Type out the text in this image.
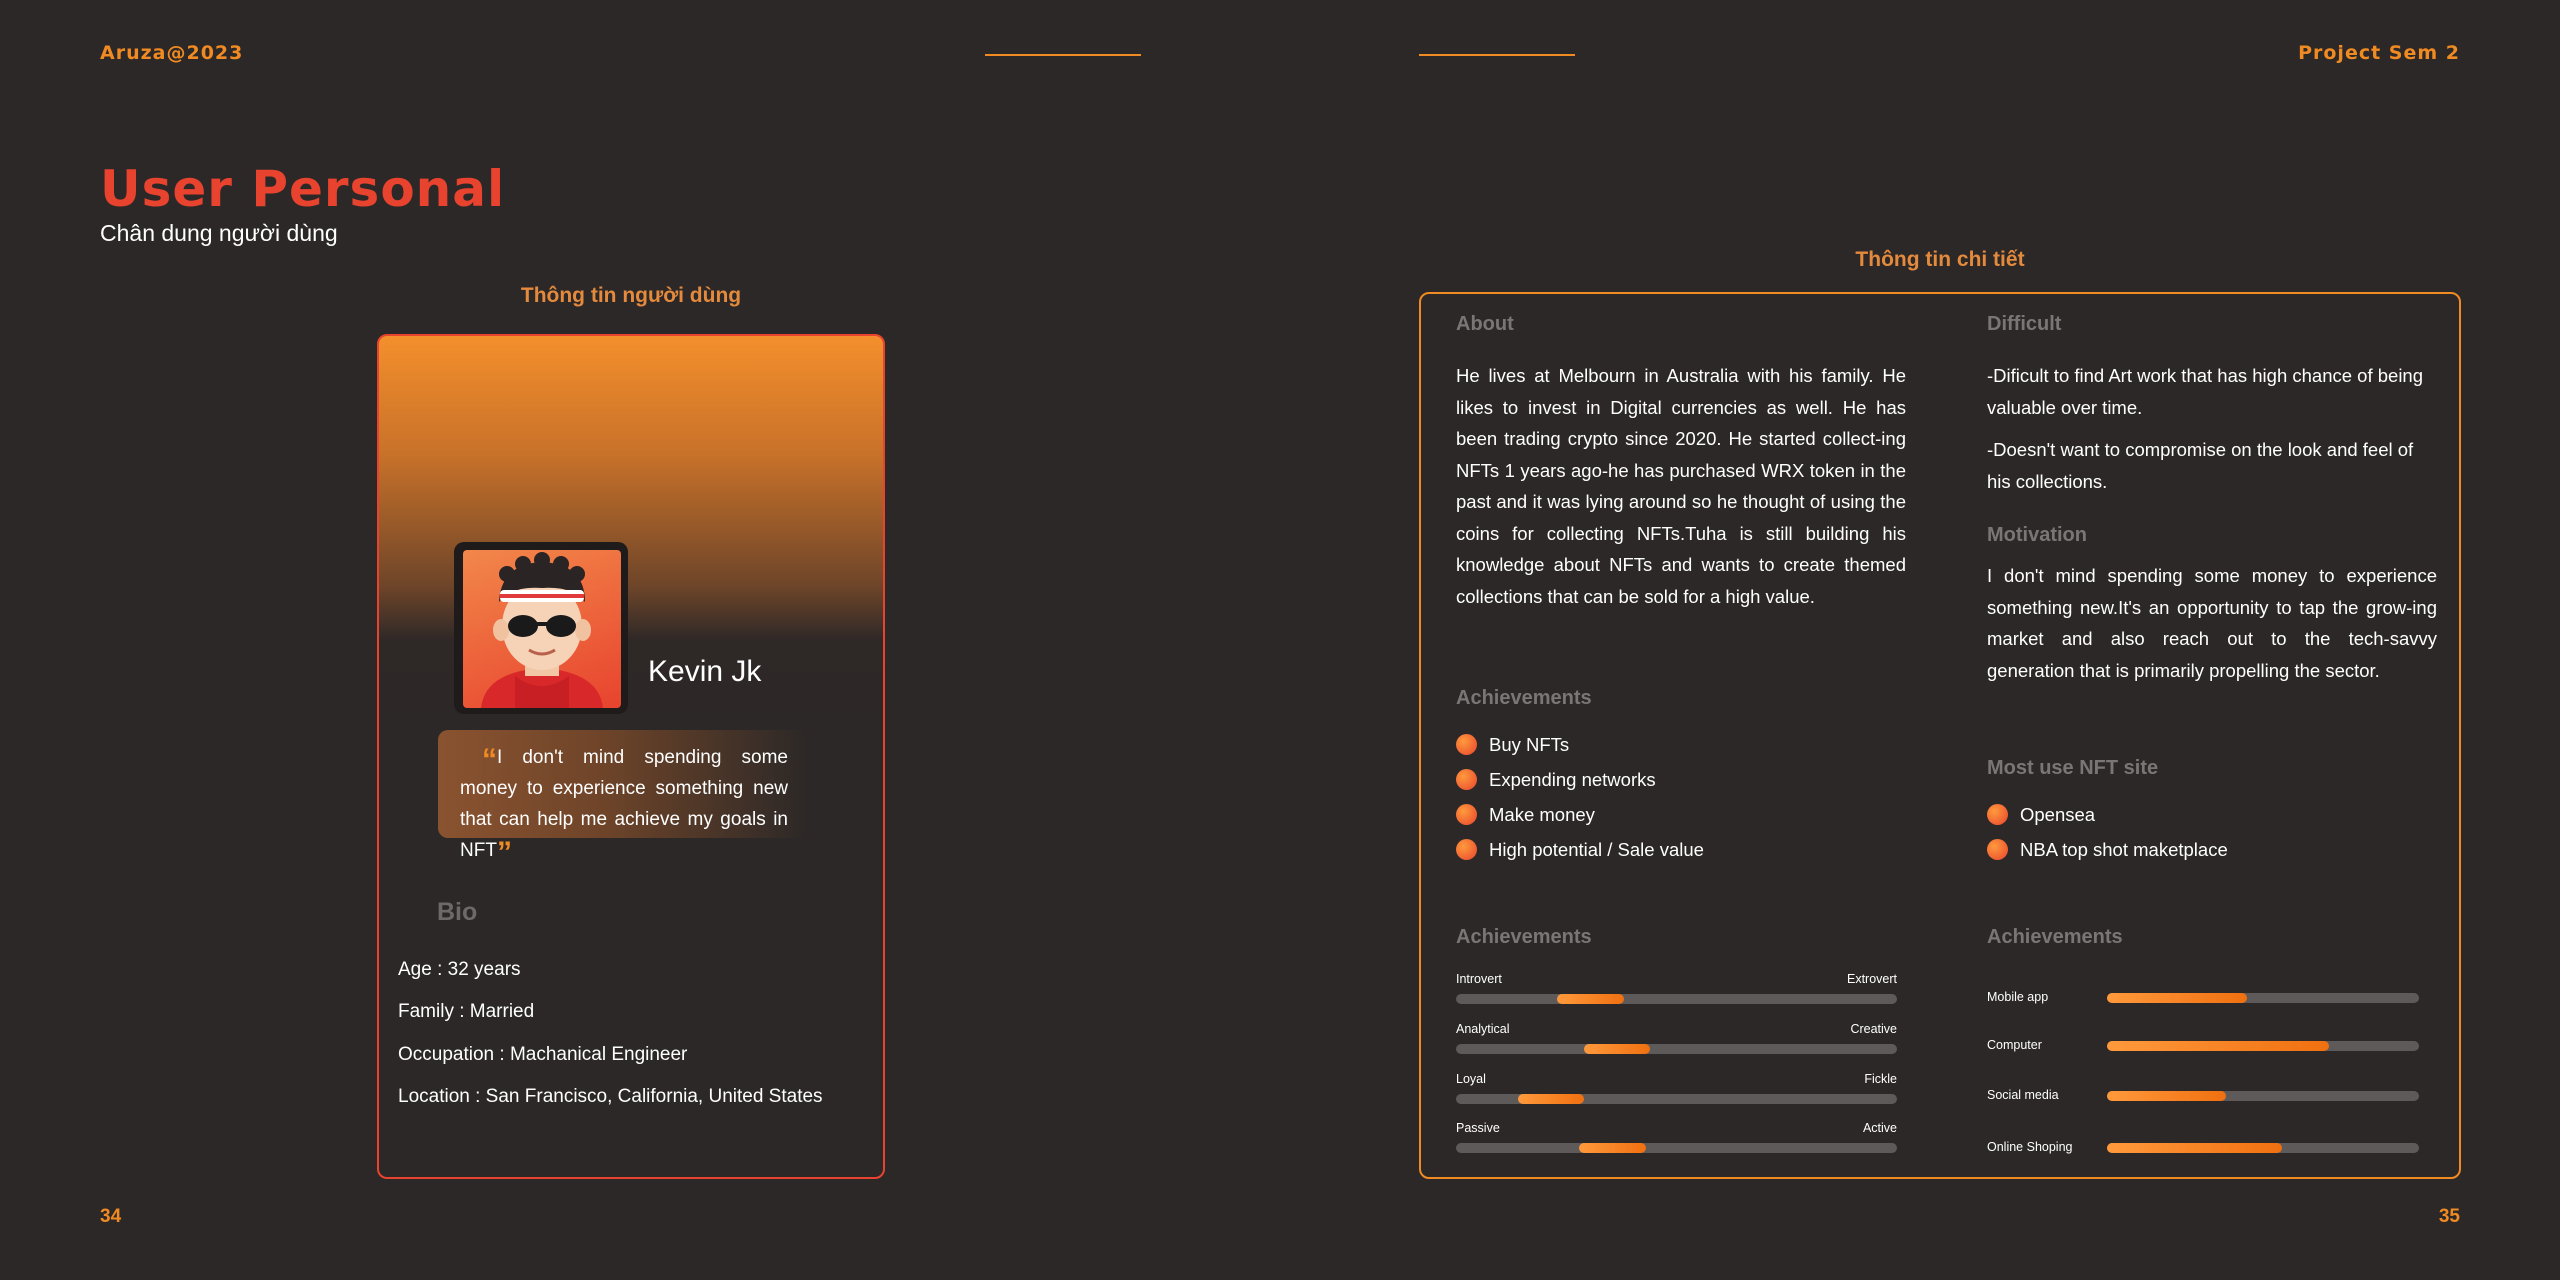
Aruza@2023	Project Sem 2
User Personal
Chân dung người dùng
Thông tin người dùng
Kevin Jk
“I don't mind spending some money to experience something new that can help me achieve my goals in NFT”
Bio
Age : 32 years
Family : Married
Occupation : Machanical Engineer
Location : San Francisco, California, United States
Thông tin chi tiết
About
He lives at Melbourn in Australia with his family. He likes to invest in Digital currencies as well. He has been trading crypto since 2020. He started collect-ing NFTs 1 years ago-he has purchased WRX token in the past and it was lying around so he thought of using the coins for collecting NFTs.Tuha is still building his knowledge about NFTs and wants to create themed collections that can be sold for a high value.
Difficult
-Dificult to find Art work that has high chance of being valuable over time.
-Doesn't want to compromise on the look and feel of his collections.
Motivation
I don't mind spending some money to experience something new.It's an opportunity to tap the grow-ing market and also reach out to the tech-savvy generation that is primarily propelling the sector.
Achievements
Buy NFTs
Expending networks
Make money
High potential / Sale value
Most use NFT site
Opensea
NBA top shot maketplace
Achievements
Introvert	Extrovert
Analytical	Creative
Loyal	Fickle
Passive	Active
Achievements
Mobile app
Computer
Social media
Online Shoping
34	35
